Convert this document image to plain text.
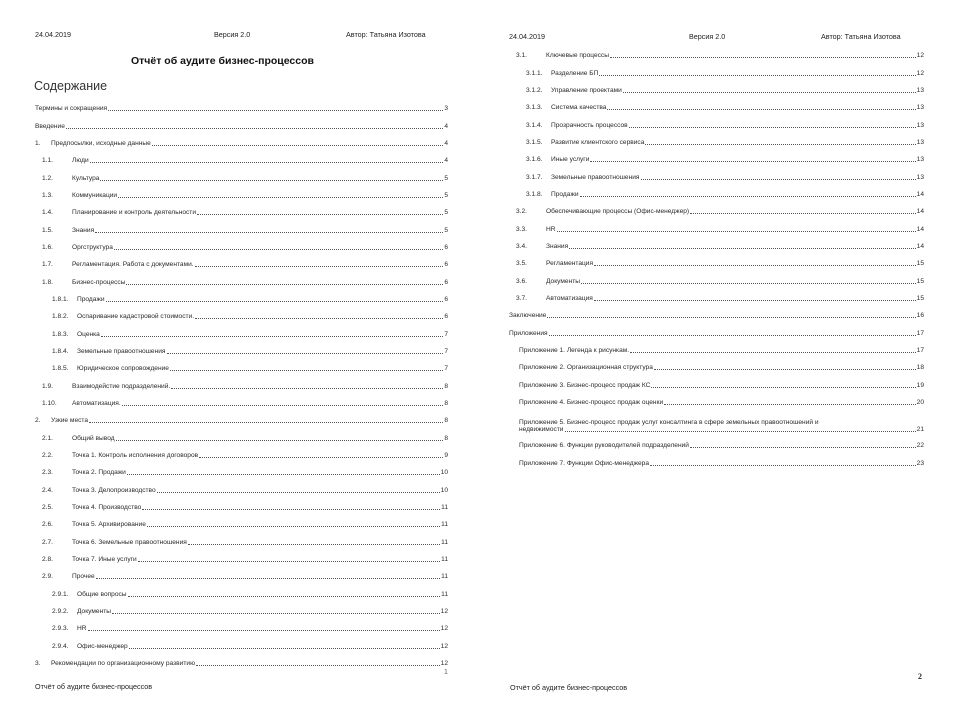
24.04.2019	Версия 2.0	Автор: Татьяна Изотова
Отчёт об аудите бизнес-процессов
Содержание
Термины и сокращения	3
Введение	4
1.	Предпосылки, исходные данные	4
1.1.	Люди	4
1.2.	Культура	5
1.3.	Коммуникации	5
1.4.	Планирование и контроль деятельности	5
1.5.	Знания	5
1.6.	Оргструктура	6
1.7.	Регламентация. Работа с документами.	6
1.8.	Бизнес-процессы	6
1.8.1.	Продажи	6
1.8.2.	Оспаривание кадастровой стоимости.	6
1.8.3.	Оценка	7
1.8.4.	Земельные правоотношения	7
1.8.5.	Юридическое сопровождение	7
1.9.	Взаимодейстие подразделений.	8
1.10.	Автоматизация.	8
2.	Узкие места	8
2.1.	Общий вывод	8
2.2.	Точка 1. Контроль исполнения договоров	9
2.3.	Точка 2. Продажи	10
2.4.	Точка 3. Делопроизводство	10
2.5.	Точка 4. Производство	11
2.6.	Точка 5. Архивирование	11
2.7.	Точка 6. Земельные правоотношения	11
2.8.	Точка 7. Иные услуги	11
2.9.	Прочее	11
2.9.1.	Общие вопросы	11
2.9.2.	Документы	12
2.9.3.	HR	12
2.9.4.	Офис-менеджер	12
3.	Рекомендации по организационному развитию	12
1
Отчёт об аудите бизнес-процессов
24.04.2019	Версия 2.0	Автор: Татьяна Изотова
3.1.	Ключевые процессы	12
3.1.1.	Разделение БП	12
3.1.2.	Управление проектами	13
3.1.3.	Система качества	13
3.1.4.	Прозрачность процессов	13
3.1.5.	Развитие клиентского сервиса	13
3.1.6.	Иные услуги	13
3.1.7.	Земельные правоотношения	13
3.1.8.	Продажи	14
3.2.	Обеспечивающие процессы (Офис-менеджер)	14
3.3.	HR	14
3.4.	Знания	14
3.5.	Регламентация	15
3.6.	Документы	15
3.7.	Автоматизация	15
Заключение	16
Приложения	17
Приложение 1. Легенда к рисункам.	17
Приложение 2. Организационная структура	18
Приложение 3. Бизнес-процесс продаж КС	19
Приложение 4. Бизнес-процесс продаж оценки	20
Приложение 5. Бизнес-процесс продаж услуг консалтинга в сфере земельных правоотношений и
недвижимости	21
Приложение 6. Функции руководителей подразделений	22
Приложение 7. Функции Офис-менеджера	23
2
Отчёт об аудите бизнес-процессов
